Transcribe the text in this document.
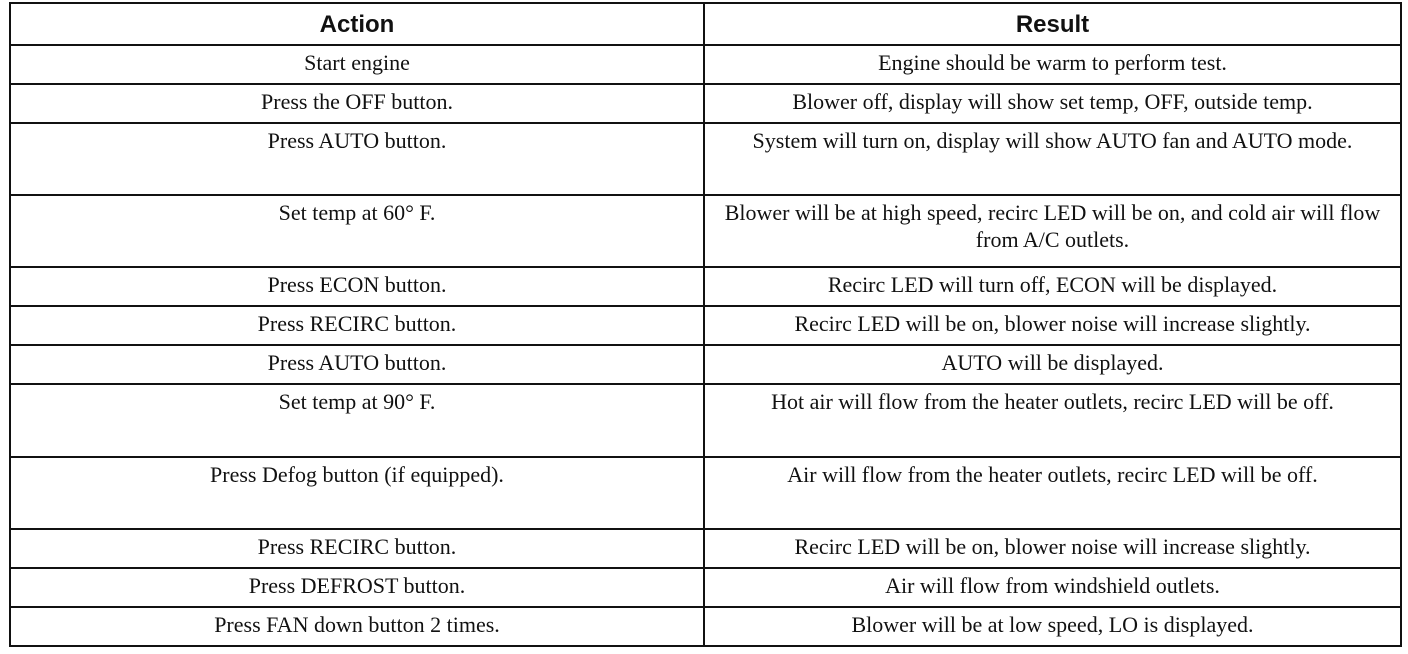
Action	Result
Start engine	Engine should be warm to perform test.
Press the OFF button.	Blower off, display will show set temp, OFF, outside temp.
Press AUTO button.	System will turn on, display will show AUTO fan and AUTO mode.
Set temp at 60° F.	Blower will be at high speed, recirc LED will be on, and cold air will flow from A/C outlets.
Press ECON button.	Recirc LED will turn off, ECON will be displayed.
Press RECIRC button.	Recirc LED will be on, blower noise will increase slightly.
Press AUTO button.	AUTO will be displayed.
Set temp at 90° F.	Hot air will flow from the heater outlets, recirc LED will be off.
Press Defog button (if equipped).	Air will flow from the heater outlets, recirc LED will be off.
Press RECIRC button.	Recirc LED will be on, blower noise will increase slightly.
Press DEFROST button.	Air will flow from windshield outlets.
Press FAN down button 2 times.	Blower will be at low speed, LO is displayed.
